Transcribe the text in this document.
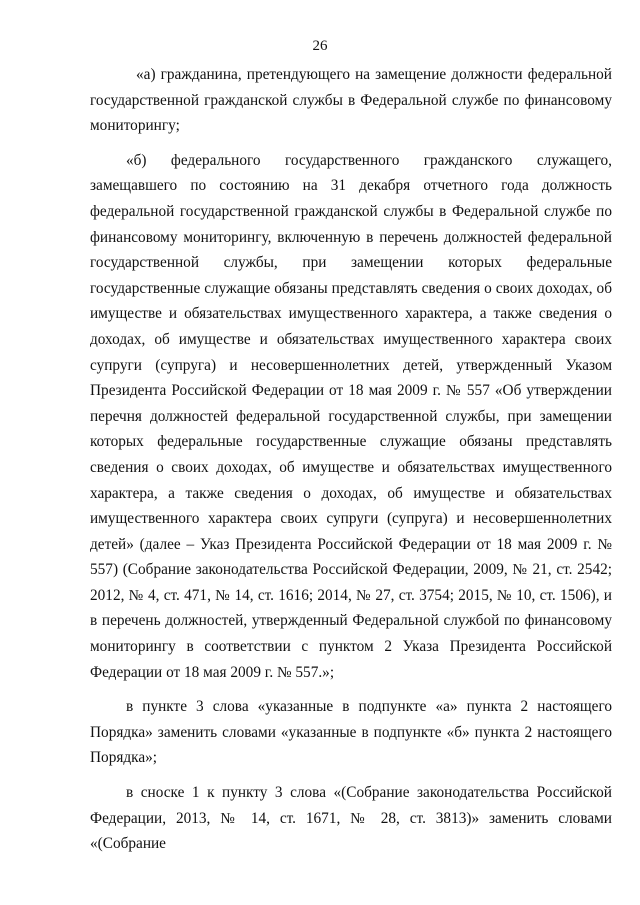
26

«а) гражданина, претендующего на замещение должности федеральной государственной гражданской службы в Федеральной службе по финансовому мониторингу;

«б) федерального государственного гражданского служащего, замещавшего по состоянию на 31 декабря отчетного года должность федеральной государственной гражданской службы в Федеральной службе по финансовому мониторингу, включенную в перечень должностей федеральной государственной службы, при замещении которых федеральные государственные служащие обязаны представлять сведения о своих доходах, об имуществе и обязательствах имущественного характера, а также сведения о доходах, об имуществе и обязательствах имущественного характера своих супруги (супруга) и несовершеннолетних детей, утвержденный Указом Президента Российской Федерации от 18 мая 2009 г. № 557 «Об утверждении перечня должностей федеральной государственной службы, при замещении которых федеральные государственные служащие обязаны представлять сведения о своих доходах, об имуществе и обязательствах имущественного характера, а также сведения о доходах, об имуществе и обязательствах имущественного характера своих супруги (супруга) и несовершеннолетних детей» (далее – Указ Президента Российской Федерации от 18 мая 2009 г. № 557) (Собрание законодательства Российской Федерации, 2009, № 21, ст. 2542; 2012, № 4, ст. 471, № 14, ст. 1616; 2014, № 27, ст. 3754; 2015, № 10, ст. 1506), и в перечень должностей, утвержденный Федеральной службой по финансовому мониторингу в соответствии с пунктом 2 Указа Президента Российской Федерации от 18 мая 2009 г. № 557.»;

в пункте 3 слова «указанные в подпункте «а» пункта 2 настоящего Порядка» заменить словами «указанные в подпункте «б» пункта 2 настоящего Порядка»;

в сноске 1 к пункту 3 слова «(Собрание законодательства Российской Федерации, 2013, № 14, ст. 1671, № 28, ст. 3813)» заменить словами «(Собрание
